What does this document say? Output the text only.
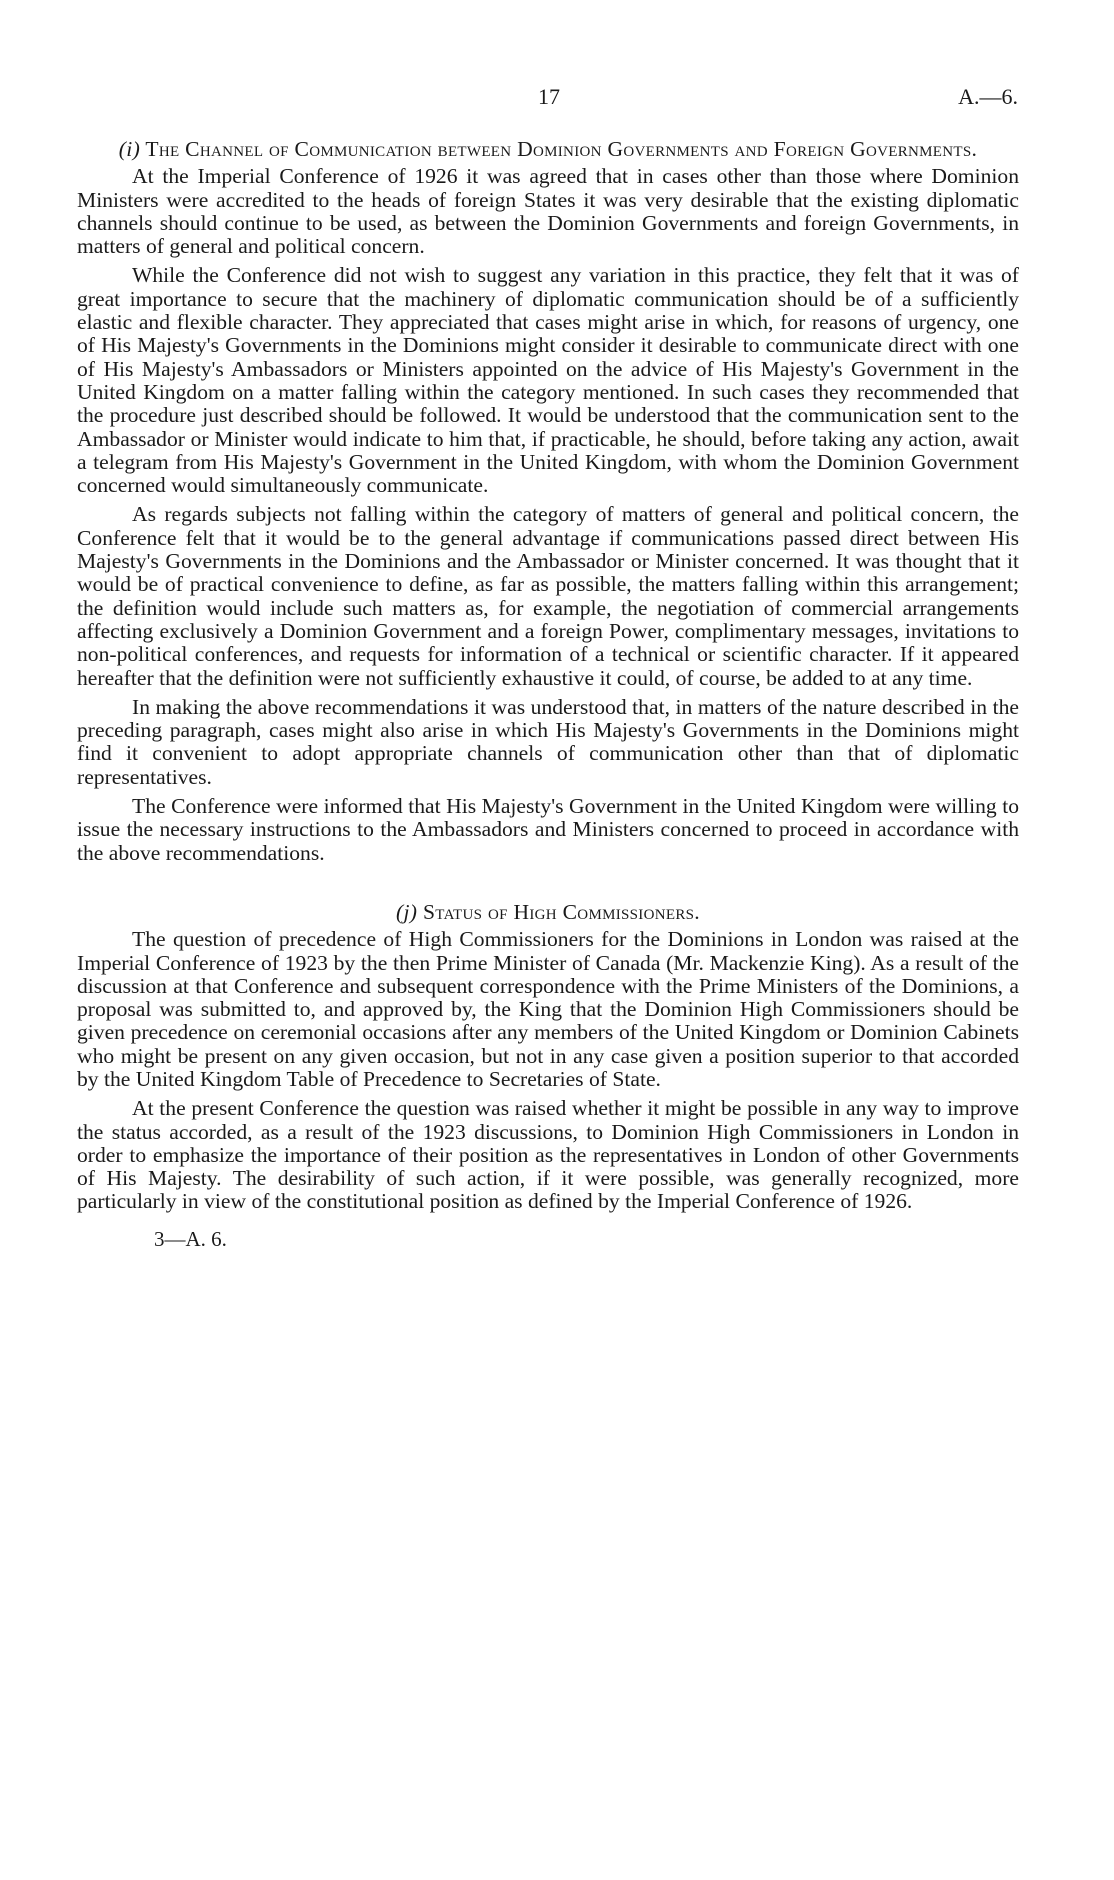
17	A.—6.
(i) The Channel of Communication between Dominion Governments and Foreign Governments.

At the Imperial Conference of 1926 it was agreed that in cases other than those where Dominion Ministers were accredited to the heads of foreign States it was very desirable that the existing diplomatic channels should continue to be used, as between the Dominion Governments and foreign Governments, in matters of general and political concern.

While the Conference did not wish to suggest any variation in this practice, they felt that it was of great importance to secure that the machinery of diplomatic communication should be of a sufficiently elastic and flexible character. They appreciated that cases might arise in which, for reasons of urgency, one of His Majesty's Governments in the Dominions might consider it desirable to communicate direct with one of His Majesty's Ambassadors or Ministers appointed on the advice of His Majesty's Government in the United Kingdom on a matter falling within the category mentioned. In such cases they recommended that the procedure just described should be followed. It would be understood that the communication sent to the Ambassador or Minister would indicate to him that, if practicable, he should, before taking any action, await a telegram from His Majesty's Government in the United Kingdom, with whom the Dominion Government concerned would simultaneously communicate.

As regards subjects not falling within the category of matters of general and political concern, the Conference felt that it would be to the general advantage if communications passed direct between His Majesty's Governments in the Dominions and the Ambassador or Minister concerned. It was thought that it would be of practical convenience to define, as far as possible, the matters falling within this arrangement; the definition would include such matters as, for example, the negotiation of commercial arrangements affecting exclusively a Dominion Government and a foreign Power, complimentary messages, invitations to non-political conferences, and requests for information of a technical or scientific character. If it appeared hereafter that the definition were not sufficiently exhaustive it could, of course, be added to at any time.

In making the above recommendations it was understood that, in matters of the nature described in the preceding paragraph, cases might also arise in which His Majesty's Governments in the Dominions might find it convenient to adopt appropriate channels of communication other than that of diplomatic representatives.

The Conference were informed that His Majesty's Government in the United Kingdom were willing to issue the necessary instructions to the Ambassadors and Ministers concerned to proceed in accordance with the above recommendations.

(j) Status of High Commissioners.

The question of precedence of High Commissioners for the Dominions in London was raised at the Imperial Conference of 1923 by the then Prime Minister of Canada (Mr. Mackenzie King). As a result of the discussion at that Conference and subsequent correspondence with the Prime Ministers of the Dominions, a proposal was submitted to, and approved by, the King that the Dominion High Commissioners should be given precedence on ceremonial occasions after any members of the United Kingdom or Dominion Cabinets who might be present on any given occasion, but not in any case given a position superior to that accorded by the United Kingdom Table of Precedence to Secretaries of State.

At the present Conference the question was raised whether it might be possible in any way to improve the status accorded, as a result of the 1923 discussions, to Dominion High Commissioners in London in order to emphasize the importance of their position as the representatives in London of other Governments of His Majesty. The desirability of such action, if it were possible, was generally recognized, more particularly in view of the constitutional position as defined by the Imperial Conference of 1926.

3—A. 6.
